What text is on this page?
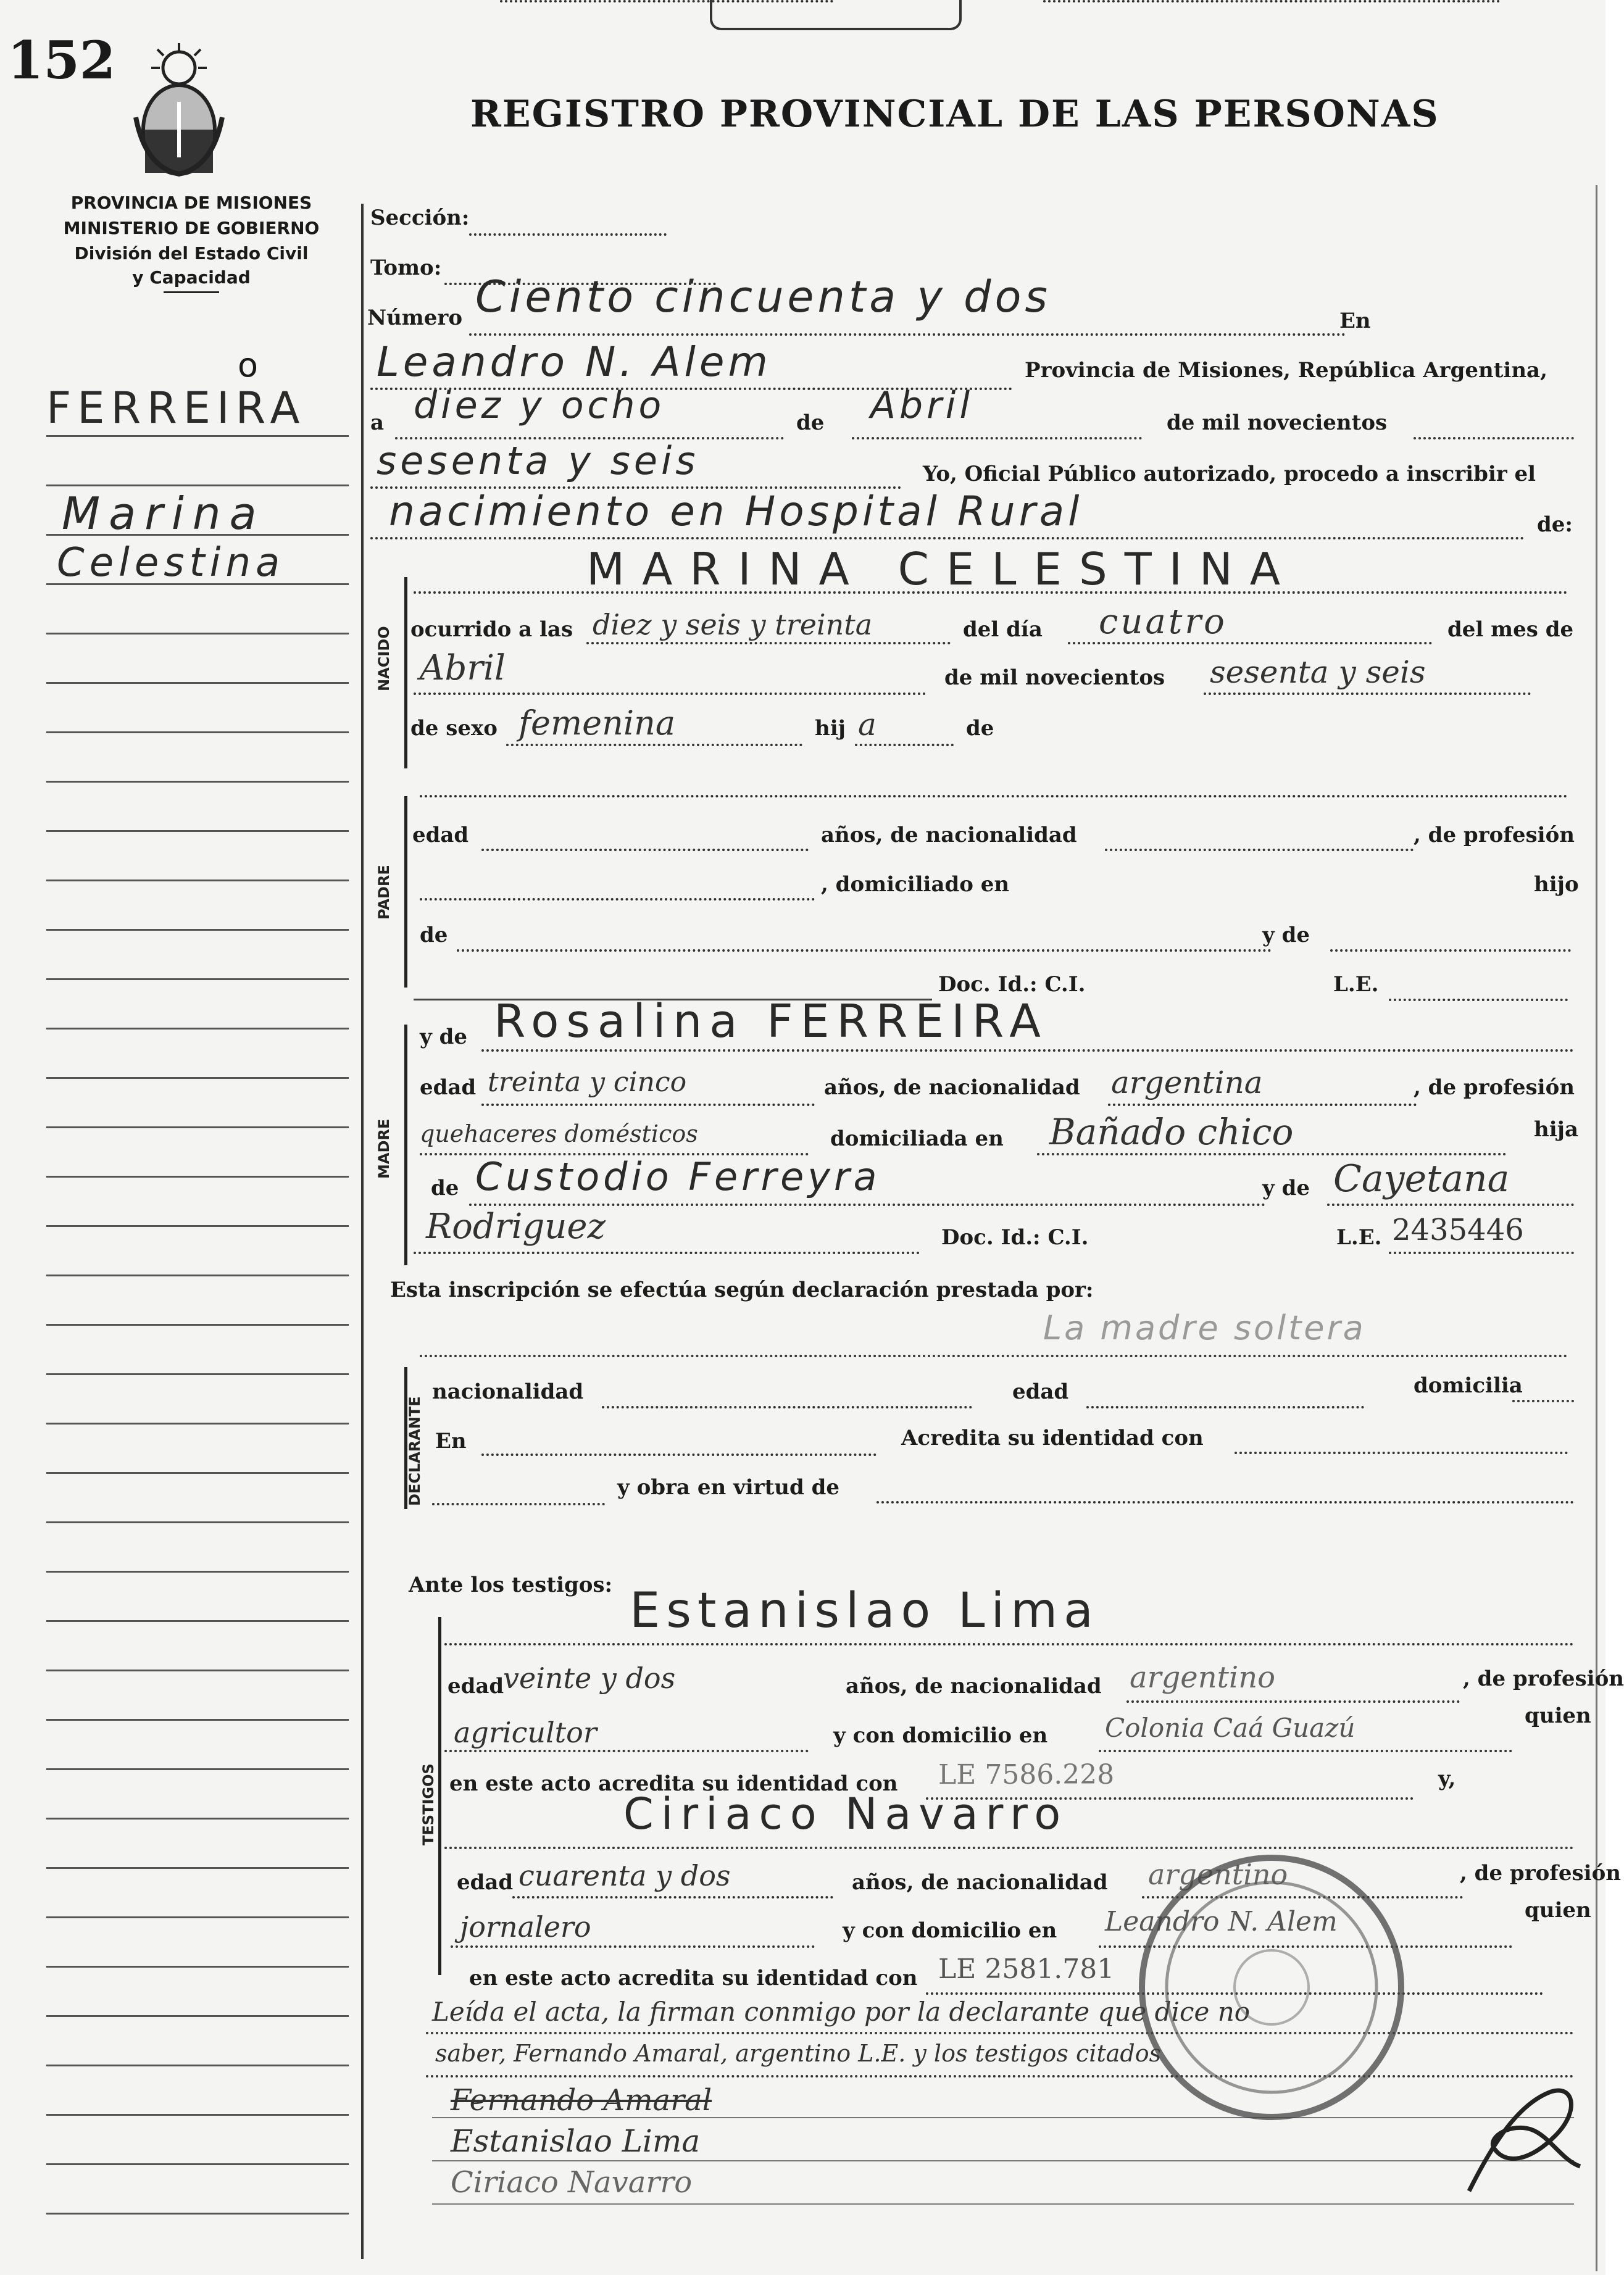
152
REGISTRO PROVINCIAL DE LAS PERSONAS
PROVINCIA DE MISIONES
MINISTERIO DE GOBIERNO
División del Estado Civil
y Capacidad
o
FERREIRA
Marina
Celestina
Sección:
Tomo:
Número Ciento cincuenta y dos	En
Leandro N. Alem	Provincia de Misiones, República Argentina,
a diez y ocho	de Abril	de mil novecientos
sesenta y seis	Yo, Oficial Público autorizado, procedo a inscribir el
nacimiento en Hospital Rural	de:
NACIDO
MARINA CELESTINA
ocurrido a las diez y seis y treinta	del día cuatro	del mes de
Abril	de mil novecientos sesenta y seis
de sexo femenina	hij a	de
PADRE
edad	años, de nacionalidad	, de profesión
, domiciliado en	hijo
de	y de
Doc. Id.: C.I.	L.E.
MADRE
y de Rosalina FERREIRA
edad treinta y cinco	años, de nacionalidad argentina	, de profesión
quehaceres domésticos	domiciliada en Bañado chico	hija
de Custodio Ferreyra	y de Cayetana
Rodriguez	Doc. Id.: C.I.	L.E. 2435446
Esta inscripción se efectúa según declaración prestada por:
La madre soltera
DECLARANTE
nacionalidad	edad	domicilia
En	Acredita su identidad con
y obra en virtud de
Ante los testigos:
TESTIGOS
Estanislao Lima
edad
veinte y dos	años, de nacionalidad argentino	, de profesión
agricultor	y con domicilio en Colonia Caá Guazú	quien
en este acto acredita su identidad con LE 7586.228	y,
Ciriaco Navarro
edad cuarenta y dos	años, de nacionalidad argentino	, de profesión
jornalero	y con domicilio en Leandro N. Alem	quien
en este acto acredita su identidad con LE 2581.781
Leída el acta, la firman conmigo por la declarante que dice no
saber, Fernando Amaral, argentino L.E. y los testigos citados
Fernando Amaral
Estanislao Lima
Ciriaco Navarro
